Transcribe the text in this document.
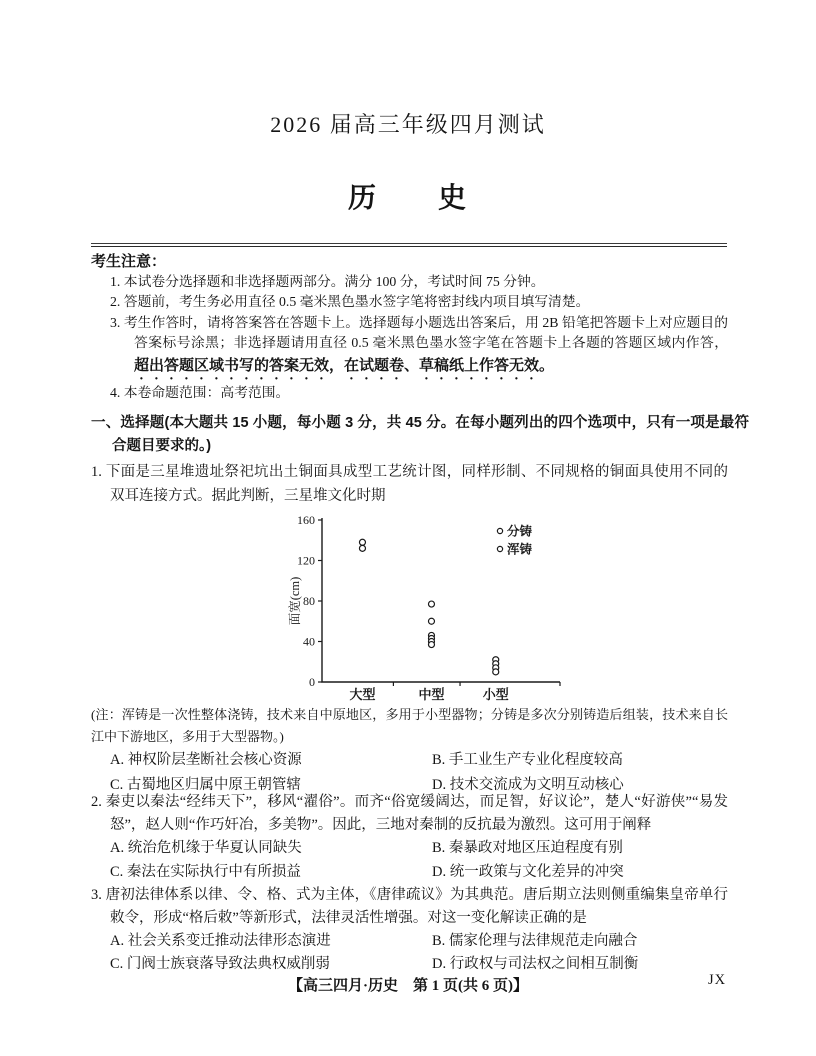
2026 届高三年级四月测试
历　　史
考生注意：
1. 本试卷分选择题和非选择题两部分。满分 100 分，考试时间 75 分钟。
2. 答题前，考生务必用直径 0.5 毫米黑色墨水签字笔将密封线内项目填写清楚。
3. 考生作答时，请将答案答在答题卡上。选择题每小题选出答案后，用 2B 铅笔把答题卡上对应题目的答案标号涂黑；非选择题请用直径 0.5 毫米黑色墨水签字笔在答题卡上各题的答题区域内作答，超出答题区域书写的答案无效，在试题卷、草稿纸上作答无效。
4. 本卷命题范围：高考范围。
一、选择题(本大题共 15 小题，每小题 3 分，共 45 分。在每小题列出的四个选项中，只有一项是最符合题目要求的。)
1. 下面是三星堆遗址祭祀坑出土铜面具成型工艺统计图，同样形制、不同规格的铜面具使用不同的双耳连接方式。据此判断，三星堆文化时期
0
40
80
120
160
大型	中型	小型
面宽(cm)
分铸
浑铸
(注：浑铸是一次性整体浇铸，技术来自中原地区，多用于小型器物；分铸是多次分别铸造后组装，技术来自长江中下游地区，多用于大型器物。)
A. 神权阶层垄断社会核心资源	B. 手工业生产专业化程度较高
C. 古蜀地区归属中原王朝管辖	D. 技术交流成为文明互动核心
2. 秦吏以秦法“经纬天下”，移风“濯俗”。而齐“俗宽缓阔达，而足智，好议论”，楚人“好游侠”“易发怒”，赵人则“作巧奸冶，多美物”。因此，三地对秦制的反抗最为激烈。这可用于阐释
A. 统治危机缘于华夏认同缺失	B. 秦暴政对地区压迫程度有别
C. 秦法在实际执行中有所损益	D. 统一政策与文化差异的冲突
3. 唐初法律体系以律、令、格、式为主体，《唐律疏议》为其典范。唐后期立法则侧重编集皇帝单行敕令，形成“格后敕”等新形式，法律灵活性增强。对这一变化解读正确的是
A. 社会关系变迁推动法律形态演进	B. 儒家伦理与法律规范走向融合
C. 门阀士族衰落导致法典权威削弱	D. 行政权与司法权之间相互制衡
【高三四月·历史　第 1 页(共 6 页)】	JX
